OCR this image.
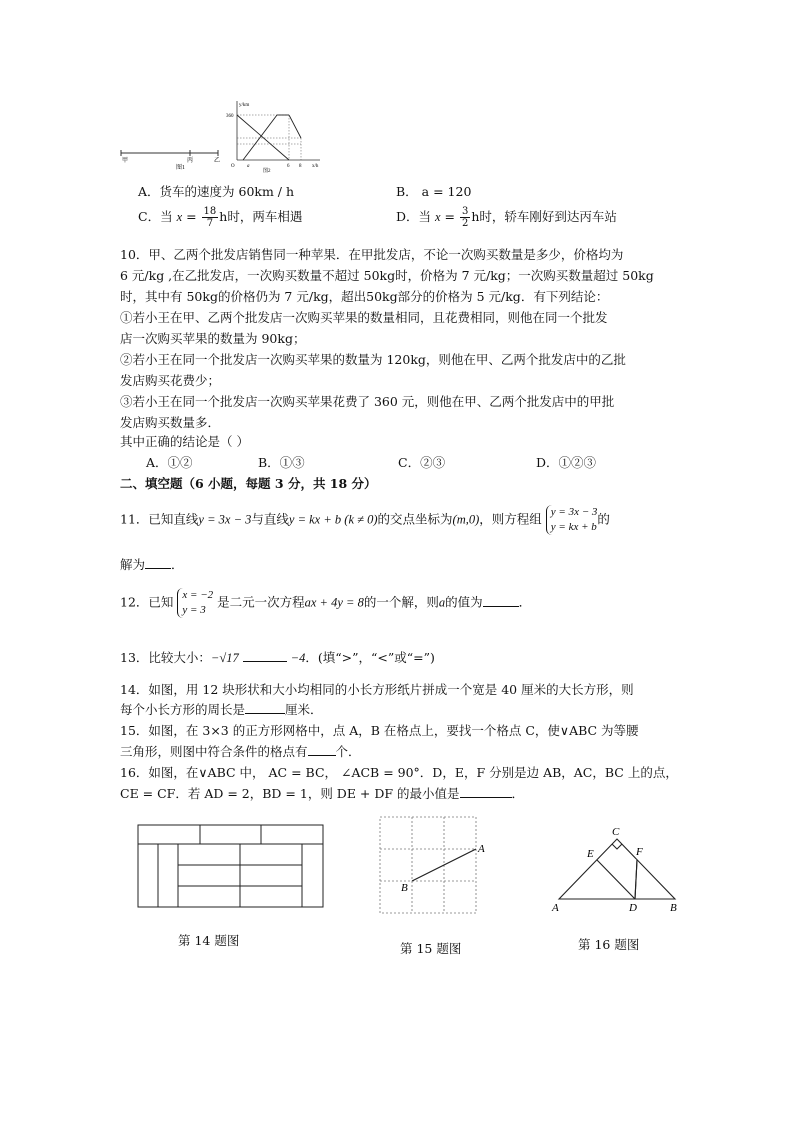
甲	丙	乙
图1
y/km
360
O a	6 8 x/h
图2
A．货车的速度为 60km / h	B． a = 120
C．当 $x = \frac{18}{7}$ h时，两车相遇	D．当 $x = \frac{3}{2}$ h时，轿车刚好到达丙车站
10．甲、乙两个批发店销售同一种苹果．在甲批发店，不论一次购买数量是多少，价格均为
6 元/kg ,在乙批发店，一次购买数量不超过 50kg时，价格为 7 元/kg；一次购买数量超过 50kg
时，其中有 50kg的价格仍为 7 元/kg，超出50kg部分的价格为 5 元/kg．有下列结论：
①若小王在甲、乙两个批发店一次购买苹果的数量相同，且花费相同，则他在同一个批发
店一次购买苹果的数量为 90kg；
②若小王在同一个批发店一次购买苹果的数量为 120kg，则他在甲、乙两个批发店中的乙批
发店购买花费少；
③若小王在同一个批发店一次购买苹果花费了 360 元，则他在甲、乙两个批发店中的甲批
发店购买数量多．
其中正确的结论是（ ）
A．①②	B．①③	C．②③	D．①②③
二、填空题（6 小题，每题 3 分，共 18 分）
11．已知直线y = 3x − 3与直线y = kx + b (k ≠ 0)的交点坐标为(m,0)，则方程组 y = 3x − 3
y = kx + b
的
解为 ．
12．已知 x = −2
y = 3
是二元一次方程ax + 4y = 8的一个解，则a的值为	．
13．比较大小：−√17	−4．(填“>”，“<”或“=”)
14．如图，用 12 块形状和大小均相同的小长方形纸片拼成一个宽是 40 厘米的大长方形，则
每个小长方形的周长是	厘米．
15．如图，在 3×3 的正方形网格中，点 A，B 在格点上，要找一个格点 C，使∨ABC 为等腰
三角形，则图中符合条件的格点有 个．
16．如图，在∨ABC 中， AC = BC， ∠ACB = 90°．D，E，F 分别是边 AB，AC，BC 上的点，
CE = CF．若 AD = 2，BD = 1，则 DE + DF 的最小值是	．
第 14 题图
A
B
第 15 题图
C
E	F
A	D	B
第 16 题图
